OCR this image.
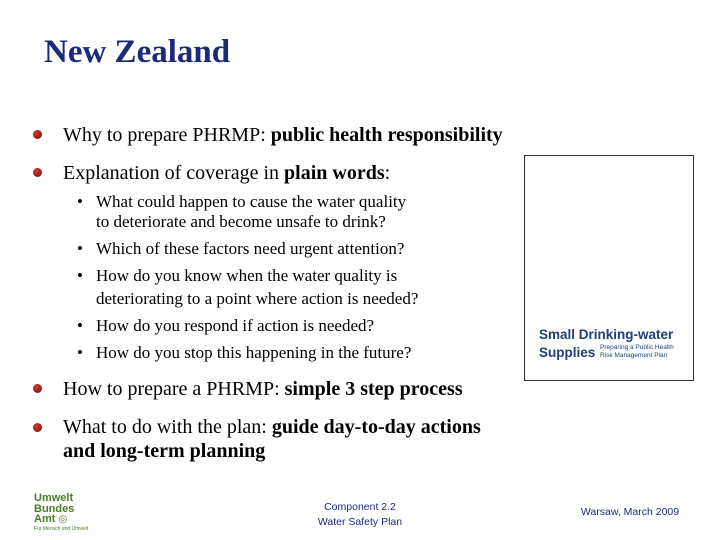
New Zealand
Why to prepare PHRMP: public health responsibility
Explanation of coverage in plain words:
• What could happen to cause the water quality
to deteriorate and become unsafe to drink?
• Which of these factors need urgent attention?
• How do you know when the water quality is
deteriorating to a point where action is needed?
• How do you respond if action is needed?
• How do you stop this happening in the future?
How to prepare a PHRMP: simple 3 step process
What to do with the plan: guide day-to-day actions
and long-term planning
Small Drinking-water
Supplies Preparing a Public Health
Risk Management Plan
Umwelt
Bundes
Amt ◎
Für Mensch und Umwelt
Component 2.2
Water Safety Plan
Warsaw, March 2009
